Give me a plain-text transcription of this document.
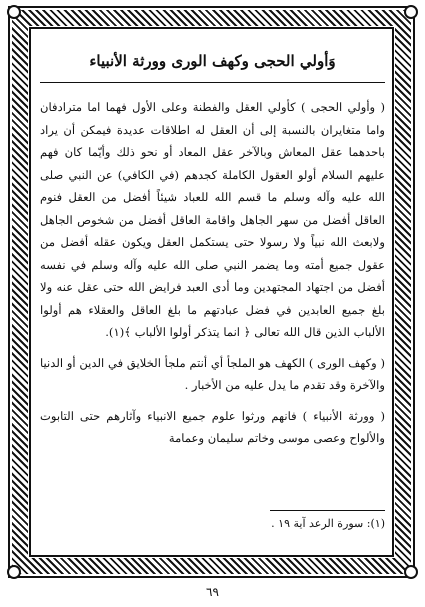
وَأولي الحجى وكهف الورى وورثة الأنبياء

( وأولي الحجى ) كأولي العقل والفطنة وعلى الأول فهما اما مترادفان واما متغايران بالنسبة إلى أن العقل له اطلاقات عديدة فيمكن أن يراد باحدهما عقل المعاش وبالآخر عقل المعاد أو نحو ذلك وأيّما كان فهم عليهم السلام أولو العقول الكاملة كجدهم (في الكافي) عن النبي صلى الله عليه وآله وسلم ما قسم الله للعباد شيئاً أفضل من العقل فنوم العاقل أفضل من سهر الجاهل واقامة العاقل أفضل من شخوص الجاهل ولابعث الله نبياً ولا رسولا حتى يستكمل العقل ويكون عقله أفضل من عقول جميع أمته وما يضمر النبي صلى الله عليه وآله وسلم في نفسه أفضل من اجتهاد المجتهدين وما أدى العبد فرايض الله حتى عقل عنه ولا بلغ جميع العابدين في فضل عبادتهم ما بلغ العاقل والعقلاء هم أولوا الألباب الذين قال الله تعالى ﴿ انما يتذكر أولوا الألباب ﴾(١).

( وكهف الورى ) الكهف هو الملجأ أي أنتم ملجأ الخلايق في الدين أو الدنيا والآخرة وقد تقدم ما يدل عليه من الأخبار .

( وورثة الأنبياء ) فانهم ورثوا علوم جميع الانبياء وآثارهم حتى التابوت والألواح وعصى موسى وخاتم سليمان وعمامة

(١): سورة الرعد آية ١٩ .
٦٩
